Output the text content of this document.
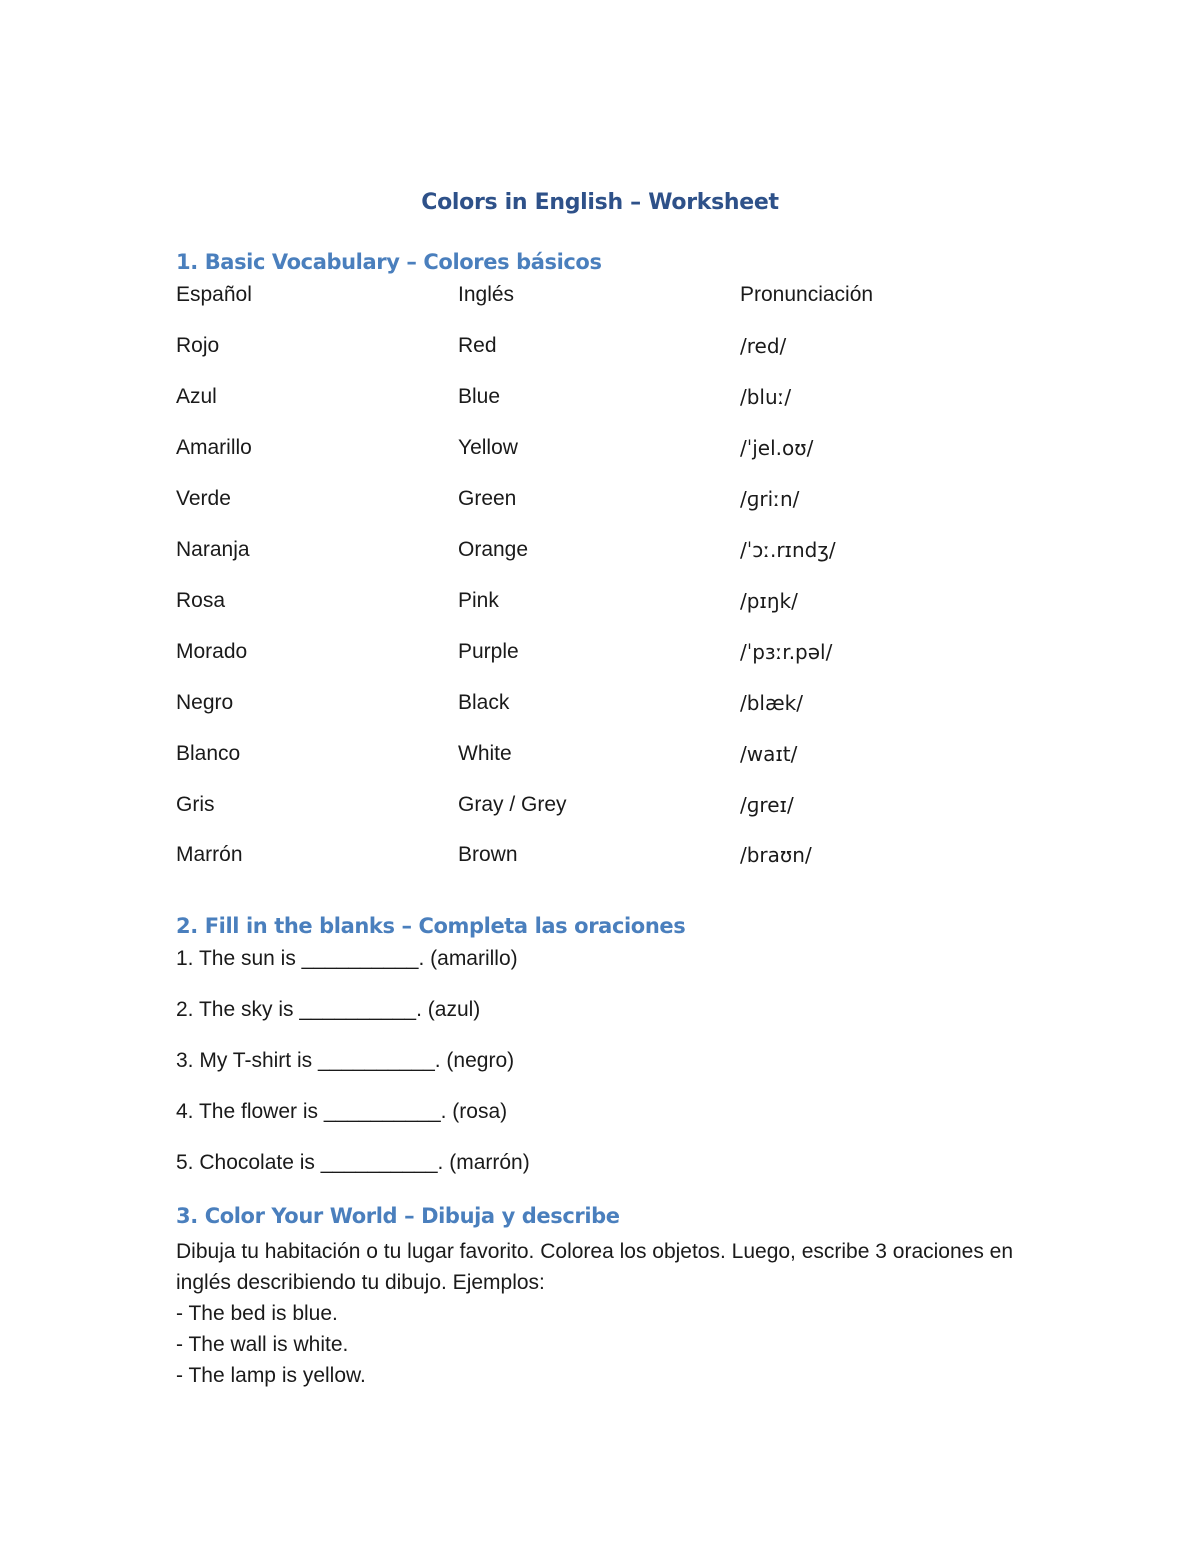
Colors in English – Worksheet
1. Basic Vocabulary – Colores básicos
Español	Inglés	Pronunciación
Rojo	Red	/red/
Azul	Blue	/bluː/
Amarillo	Yellow	/ˈjel.oʊ/
Verde	Green	/ɡriːn/
Naranja	Orange	/ˈɔː.rɪndʒ/
Rosa	Pink	/pɪŋk/
Morado	Purple	/ˈpɜːr.pəl/
Negro	Black	/blæk/
Blanco	White	/waɪt/
Gris	Gray / Grey	/ɡreɪ/
Marrón	Brown	/braʊn/
2. Fill in the blanks – Completa las oraciones
1. The sun is __________. (amarillo)
2. The sky is __________. (azul)
3. My T-shirt is __________. (negro)
4. The flower is __________. (rosa)
5. Chocolate is __________. (marrón)
3. Color Your World – Dibuja y describe

Dibuja tu habitación o tu lugar favorito. Colorea los objetos. Luego, escribe 3 oraciones en inglés describiendo tu dibujo. Ejemplos:

- The bed is blue.
- The wall is white.
- The lamp is yellow.
